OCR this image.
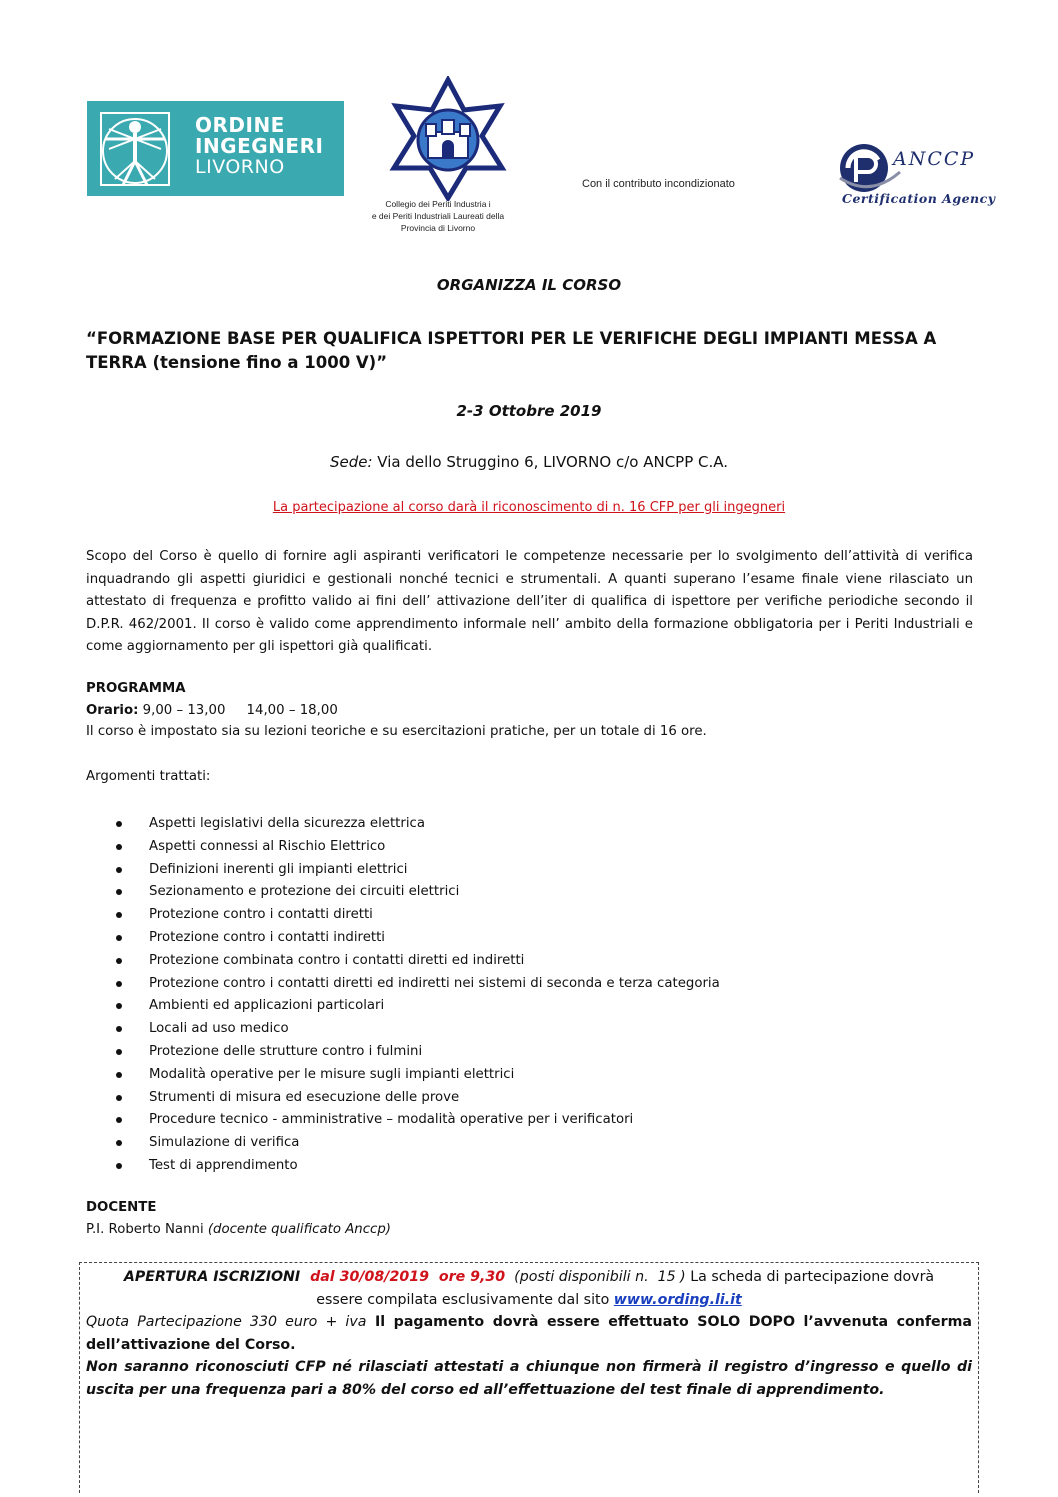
ORDINE
INGEGNERI
LIVORNO
Collegio dei Periti Industria i
e dei Periti Industriali Laureati della
Provincia di Livorno
Con il contributo incondizionato
ANCCP
Certification Agency
ORGANIZZA IL CORSO
“FORMAZIONE BASE PER QUALIFICA ISPETTORI PER LE VERIFICHE DEGLI IMPIANTI MESSA A TERRA (tensione fino a 1000 V)”
2-3 Ottobre 2019
Sede: Via dello Struggino 6, LIVORNO c/o ANCPP C.A.
La partecipazione al corso darà il riconoscimento di n. 16 CFP per gli ingegneri
Scopo del Corso è quello di fornire agli aspiranti verificatori le competenze necessarie per lo svolgimento dell’attività di verifica inquadrando gli aspetti giuridici e gestionali nonché tecnici e strumentali. A quanti superano l’esame finale viene rilasciato un attestato di frequenza e profitto valido ai fini dell’ attivazione dell’iter di qualifica di ispettore per verifiche periodiche secondo il D.P.R. 462/2001. Il corso è valido come apprendimento informale nell’ ambito della formazione obbligatoria per i Periti Industriali e come aggiornamento per gli ispettori già qualificati.
PROGRAMMA
Orario: 9,00 – 13,00     14,00 – 18,00
Il corso è impostato sia su lezioni teoriche e su esercitazioni pratiche, per un totale di 16 ore.
Argomenti trattati:
Aspetti legislativi della sicurezza elettrica
Aspetti connessi al Rischio Elettrico
Definizioni inerenti gli impianti elettrici
Sezionamento e protezione dei circuiti elettrici
Protezione contro i contatti diretti
Protezione contro i contatti indiretti
Protezione combinata contro i contatti diretti ed indiretti
Protezione contro i contatti diretti ed indiretti nei sistemi di seconda e terza categoria
Ambienti ed applicazioni particolari
Locali ad uso medico
Protezione delle strutture contro i fulmini
Modalità operative per le misure sugli impianti elettrici
Strumenti di misura ed esecuzione delle prove
Procedure tecnico - amministrative – modalità operative per i verificatori
Simulazione di verifica
Test di apprendimento
DOCENTE
P.I. Roberto Nanni (docente qualificato Anccp)
APERTURA ISCRIZIONI  dal 30/08/2019  ore 9,30  (posti disponibili n.  15 ) La scheda di partecipazione dovrà
essere compilata esclusivamente dal sito www.ording.li.it
Quota Partecipazione 330 euro + iva Il pagamento dovrà essere effettuato SOLO DOPO l’avvenuta conferma dell’attivazione del Corso.
Non saranno riconosciuti CFP né rilasciati attestati a chiunque non firmerà il registro d’ingresso e quello di uscita per una frequenza pari a 80% del corso ed all’effettuazione del test finale di apprendimento.
